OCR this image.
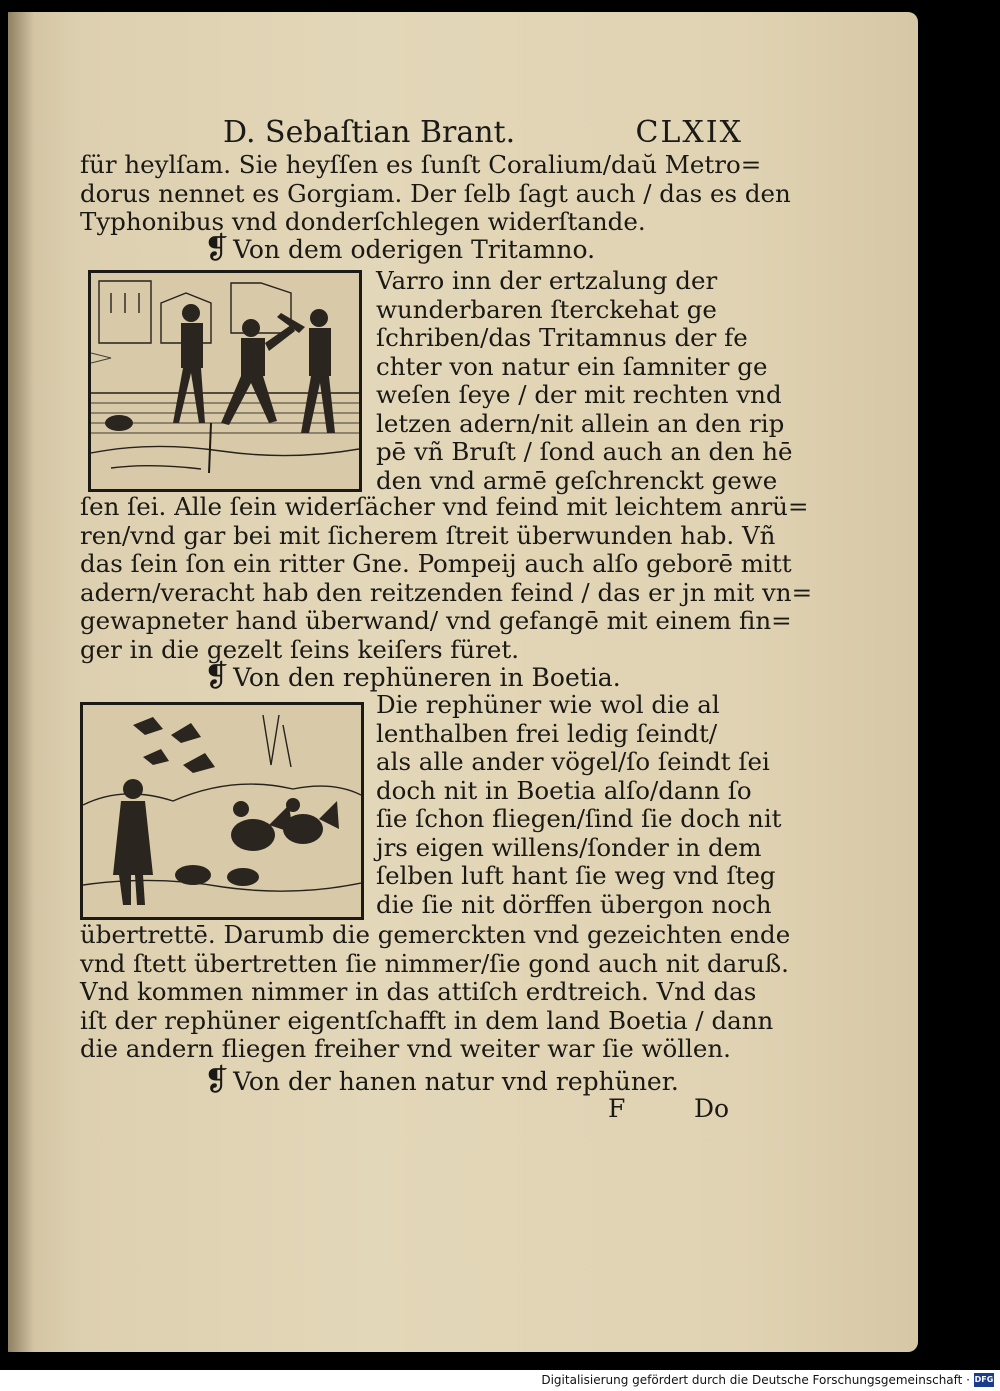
D. Sebaſtian Brant.	CLXIX
für heylſam. Sie heyſſen es ſunſt Coralium/daŭ Metro=
dorus nennet es Gorgiam. Der ſelb ſagt auch / das es den
Typhonibus vnd donderſchlegen widerſtande.
❡ Von dem oderigen Tritamno.
Varro inn der ertzalung der
wunderbaren ſterckehat ge
ſchriben/das Tritamnus der fe
chter von natur ein ſamniter ge
weſen ſeye / der mit rechten vnd
letzen adern/nit allein an den rip
pē vñ Bruſt / ſond auch an den hē
den vnd armē geſchrenckt gewe
ſen ſei. Alle ſein widerſächer vnd feind mit leichtem anrü=
ren/vnd gar bei mit ſicherem ſtreit überwunden hab. Vñ
das ſein ſon ein ritter Gne. Pompeij auch alſo geborē mitt
adern/veracht hab den reitzenden feind / das er jn mit vn=
gewapneter hand überwand/ vnd gefangē mit einem fin=
ger in die gezelt ſeins keiſers füret.
❡ Von den rephüneren in Boetia.
Die rephüner wie wol die al
lenthalben frei ledig ſeindt/
als alle ander vögel/ſo ſeindt ſei
doch nit in Boetia alſo/dann ſo
ſie ſchon fliegen/ſind ſie doch nit
jrs eigen willens/ſonder in dem
ſelben luft hant ſie weg vnd ſteg
die ſie nit dörffen übergon noch
übertrettē. Darumb die gemerckten vnd gezeichten ende
vnd ſtett übertretten ſie nimmer/ſie gond auch nit daruß.
Vnd kommen nimmer in das attiſch erdtreich. Vnd das
iſt der rephüner eigentſchafft in dem land Boetia / dann
die andern fliegen freiher vnd weiter war ſie wöllen.
❡ Von der hanen natur vnd rephüner.
F	Do
Digitalisierung gefördert durch die Deutsche Forschungsgemeinschaft · DFG
